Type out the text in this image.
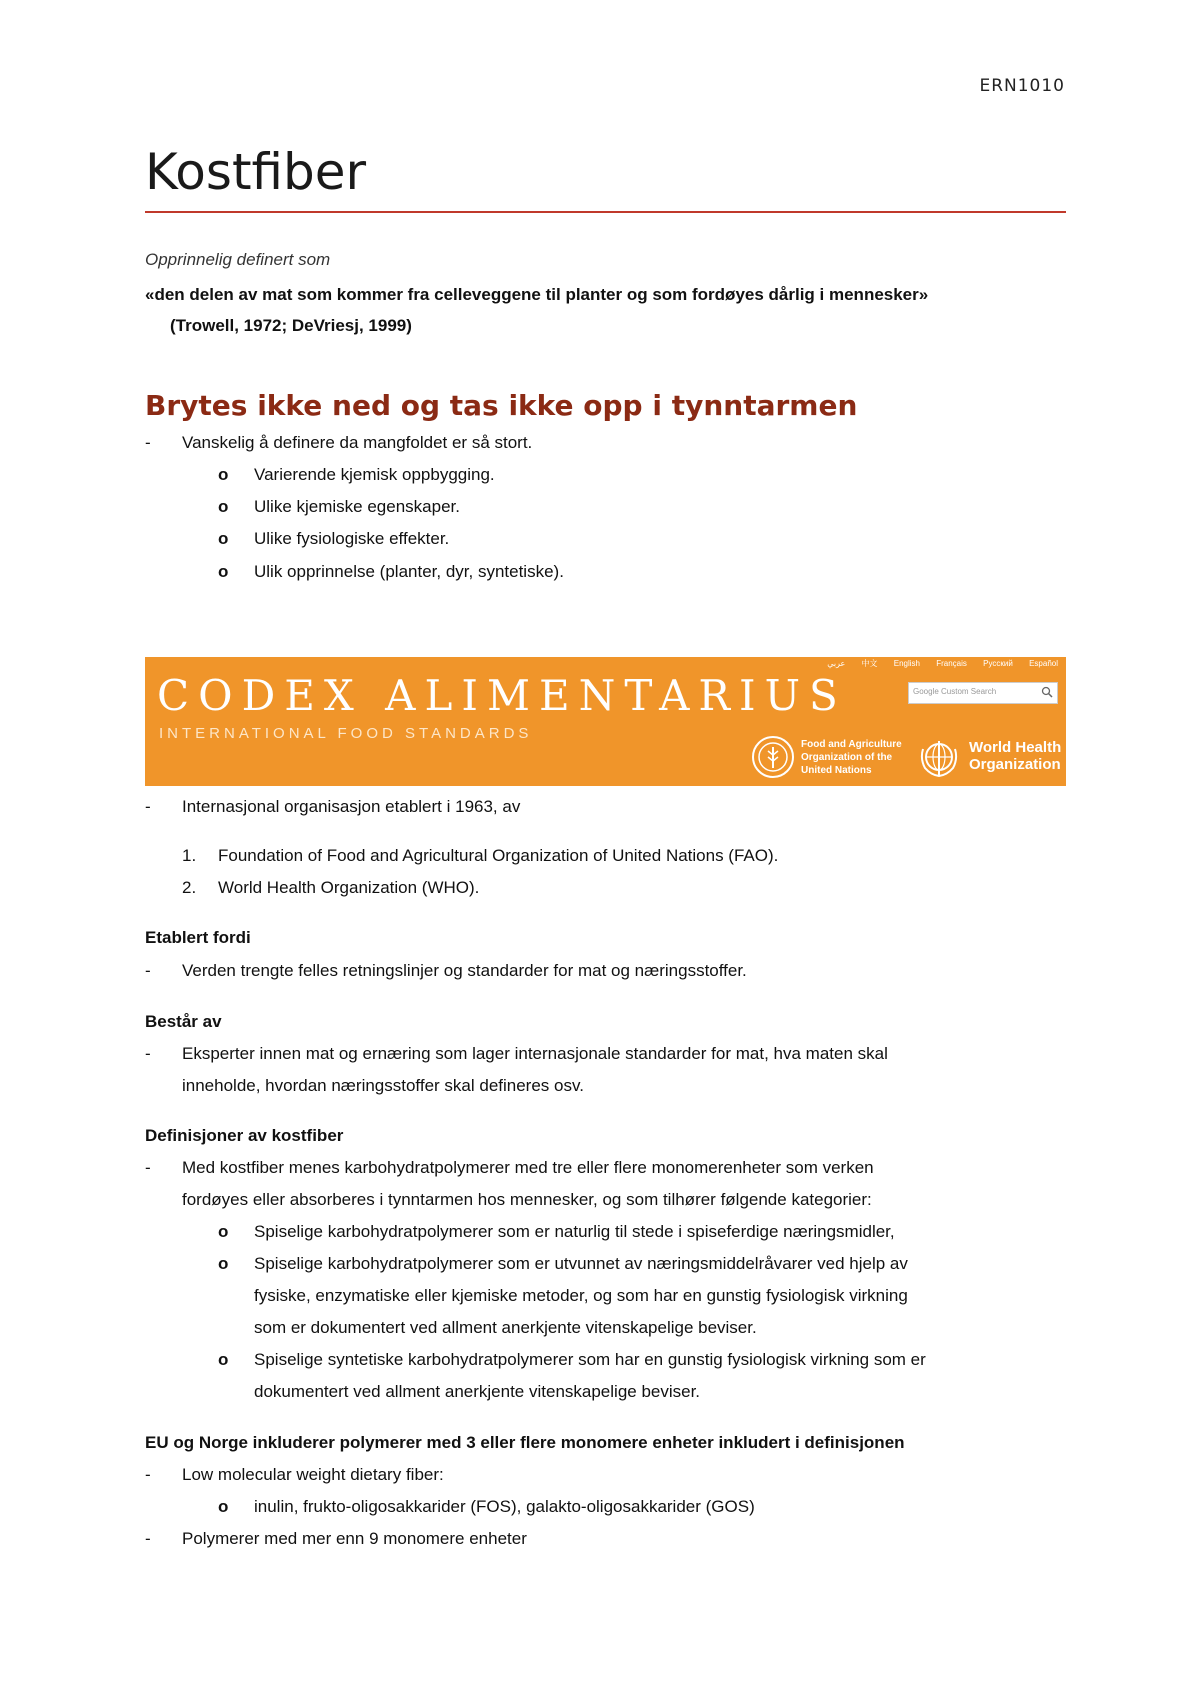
ERN1010
Kostfiber

Opprinnelig definert som

«den delen av mat som kommer fra celleveggene til planter og som fordøyes dårlig i mennesker»

(Trowell, 1972; DeVriesj, 1999)

Brytes ikke ned og tas ikke opp i tynntarmen
- Vanskelig å definere da mangfoldet er så stort.

o Varierende kjemisk oppbygging.

o Ulike kjemiske egenskaper.

o Ulike fysiologiske effekter.

o Ulik opprinnelse (planter, dyr, syntetiske).

CODEX ALIMENTARIUS
INTERNATIONAL FOOD STANDARDS
عربي 中文 English Français Русский Español
Google Custom Search
Food and Agriculture
Organization of the
United Nations
World Health
Organization
- Internasjonal organisasjon etablert i 1963, av

1. Foundation of Food and Agricultural Organization of United Nations (FAO).

2. World Health Organization (WHO).

Etablert fordi

- Verden trengte felles retningslinjer og standarder for mat og næringsstoffer.

Består av

- Eksperter innen mat og ernæring som lager internasjonale standarder for mat, hva maten skal

inneholde, hvordan næringsstoffer skal defineres osv.

Definisjoner av kostfiber

- Med kostfiber menes karbohydratpolymerer med tre eller flere monomerenheter som verken

fordøyes eller absorberes i tynntarmen hos mennesker, og som tilhører følgende kategorier:

o Spiselige karbohydratpolymerer som er naturlig til stede i spiseferdige næringsmidler,

o Spiselige karbohydratpolymerer som er utvunnet av næringsmiddelråvarer ved hjelp av

fysiske, enzymatiske eller kjemiske metoder, og som har en gunstig fysiologisk virkning

som er dokumentert ved allment anerkjente vitenskapelige beviser.

o Spiselige syntetiske karbohydratpolymerer som har en gunstig fysiologisk virkning som er

dokumentert ved allment anerkjente vitenskapelige beviser.

EU og Norge inkluderer polymerer med 3 eller flere monomere enheter inkludert i definisjonen

- Low molecular weight dietary fiber:

o inulin, frukto-oligosakkarider (FOS), galakto-oligosakkarider (GOS)

- Polymerer med mer enn 9 monomere enheter
